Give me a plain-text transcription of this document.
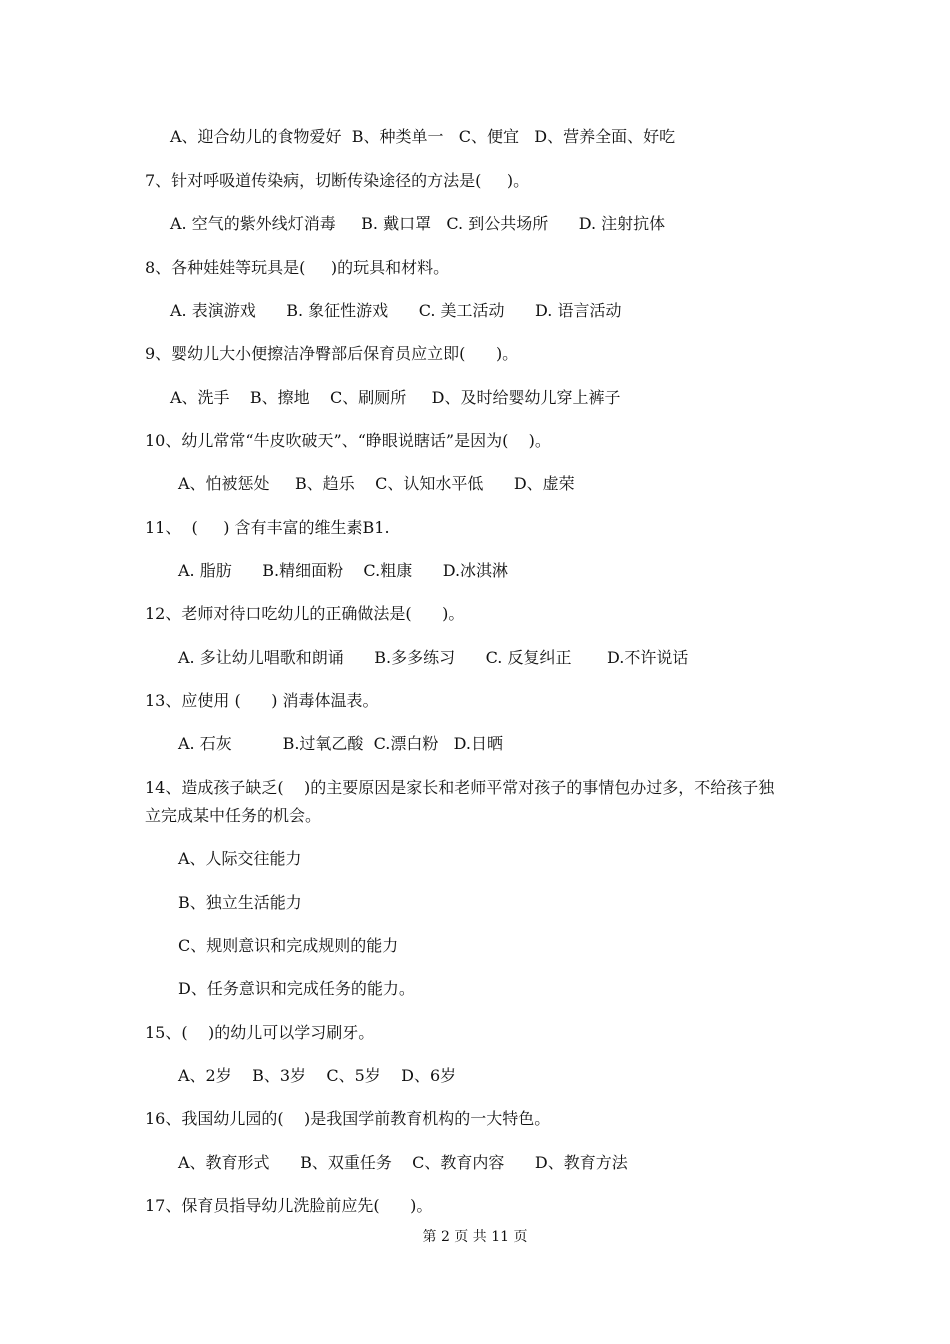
A、迎合幼儿的食物爱好  B、种类单一   C、便宜   D、营养全面、好吃
7、针对呼吸道传染病，切断传染途径的方法是(     )。
A. 空气的紫外线灯消毒     B. 戴口罩   C. 到公共场所      D. 注射抗体
8、各种娃娃等玩具是(     )的玩具和材料。
A. 表演游戏      B. 象征性游戏      C. 美工活动      D. 语言活动
9、婴幼儿大小便擦洁净臀部后保育员应立即(      )。
A、洗手    B、擦地    C、刷厕所     D、及时给婴幼儿穿上裤子
10、幼儿常常“牛皮吹破天”、“睁眼说瞎话”是因为(    )。
A、怕被惩处     B、趋乐    C、认知水平低      D、虚荣
11、  (     ) 含有丰富的维生素B1.
A. 脂肪      B.精细面粉    C.粗康      D.冰淇淋
12、老师对待口吃幼儿的正确做法是(      )。
A. 多让幼儿唱歌和朗诵      B.多多练习      C. 反复纠正       D.不许说话
13、应使用 (      ) 消毒体温表。
A. 石灰          B.过氧乙酸  C.漂白粉   D.日晒
14、造成孩子缺乏(    )的主要原因是家长和老师平常对孩子的事情包办过多，不给孩子独
立完成某中任务的机会。
A、人际交往能力
B、独立生活能力
C、规则意识和完成规则的能力
D、任务意识和完成任务的能力。
15、(    )的幼儿可以学习刷牙。
A、2岁    B、3岁    C、5岁    D、6岁
16、我国幼儿园的(    )是我国学前教育机构的一大特色。
A、教育形式      B、双重任务    C、教育内容      D、教育方法
17、保育员指导幼儿洗脸前应先(      )。
第 2 页 共 11 页
